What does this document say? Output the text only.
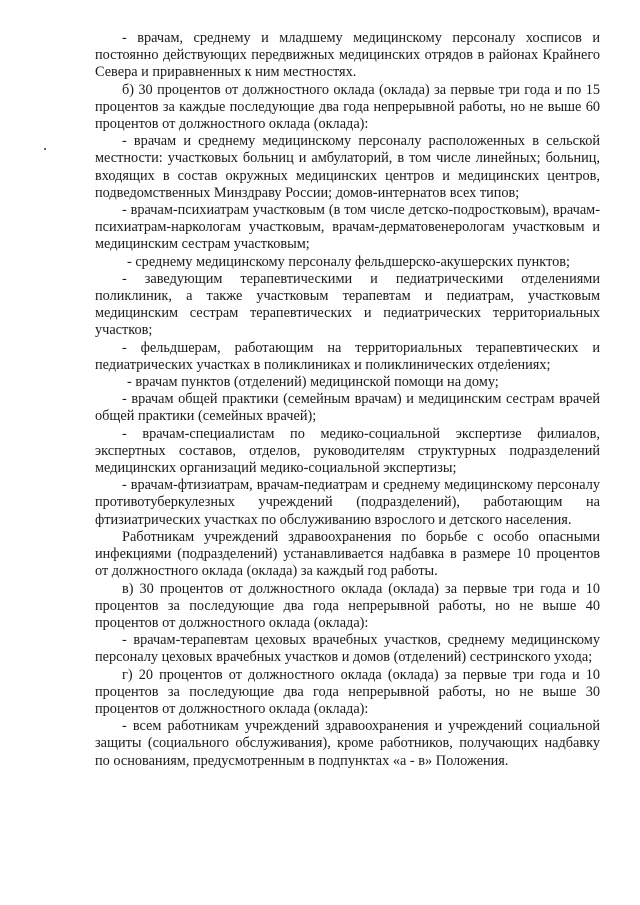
- врачам, среднему и младшему медицинскому персоналу хосписов и постоянно действующих передвижных медицинских отрядов в районах Крайнего Севера и приравненных к ним местностях.

б) 30 процентов от должностного оклада (оклада) за первые три года и по 15 процентов за каждые последующие два года непрерывной работы, но не выше 60 процентов от должностного оклада (оклада):

- врачам и среднему медицинскому персоналу расположенных в сельской местности: участковых больниц и амбулаторий, в том числе линейных; больниц, входящих в состав окружных медицинских центров и медицинских центров, подведомственных Минздраву России; домов-интернатов всех типов;

- врачам-психиатрам участковым (в том числе детско-подростковым), врачам-психиатрам-наркологам участковым, врачам-дерматовенерологам участковым и медицинским сестрам участковым;

- среднему медицинскому персоналу фельдшерско-акушерских пунктов;

- заведующим терапевтическими и педиатрическими отделениями поликлиник, а также участковым терапевтам и педиатрам, участковым медицинским сестрам терапевтических и педиатрических территориальных участков;

- фельдшерам, работающим на территориальных терапевтических и педиатрических участках в поликлиниках и поликлинических отделениях;

- врачам пунктов (отделений) медицинской помощи на дому;

- врачам общей практики (семейным врачам) и медицинским сестрам врачей общей практики (семейных врачей);

- врачам-специалистам по медико-социальной экспертизе филиалов, экспертных составов, отделов, руководителям структурных подразделений медицинских организаций медико-социальной экспертизы;

- врачам-фтизиатрам, врачам-педиатрам и среднему медицинскому персоналу противотуберкулезных учреждений (подразделений), работающим на фтизиатрических участках по обслуживанию взрослого и детского населения.

Работникам учреждений здравоохранения по борьбе с особо опасными инфекциями (подразделений) устанавливается надбавка в размере 10 процентов от должностного оклада (оклада) за каждый год работы.

в) 30 процентов от должностного оклада (оклада) за первые три года и 10 процентов за последующие два года непрерывной работы, но не выше 40 процентов от должностного оклада (оклада):

- врачам-терапевтам цеховых врачебных участков, среднему медицинскому персоналу цеховых врачебных участков и домов (отделений) сестринского ухода;

г) 20 процентов от должностного оклада (оклада) за первые три года и 10 процентов за последующие два года непрерывной работы, но не выше 30 процентов от должностного оклада (оклада):

- всем работникам учреждений здравоохранения и учреждений социальной защиты (социального обслуживания), кроме работников, получающих надбавку по основаниям, предусмотренным в подпунктах «а - в» Положения.
